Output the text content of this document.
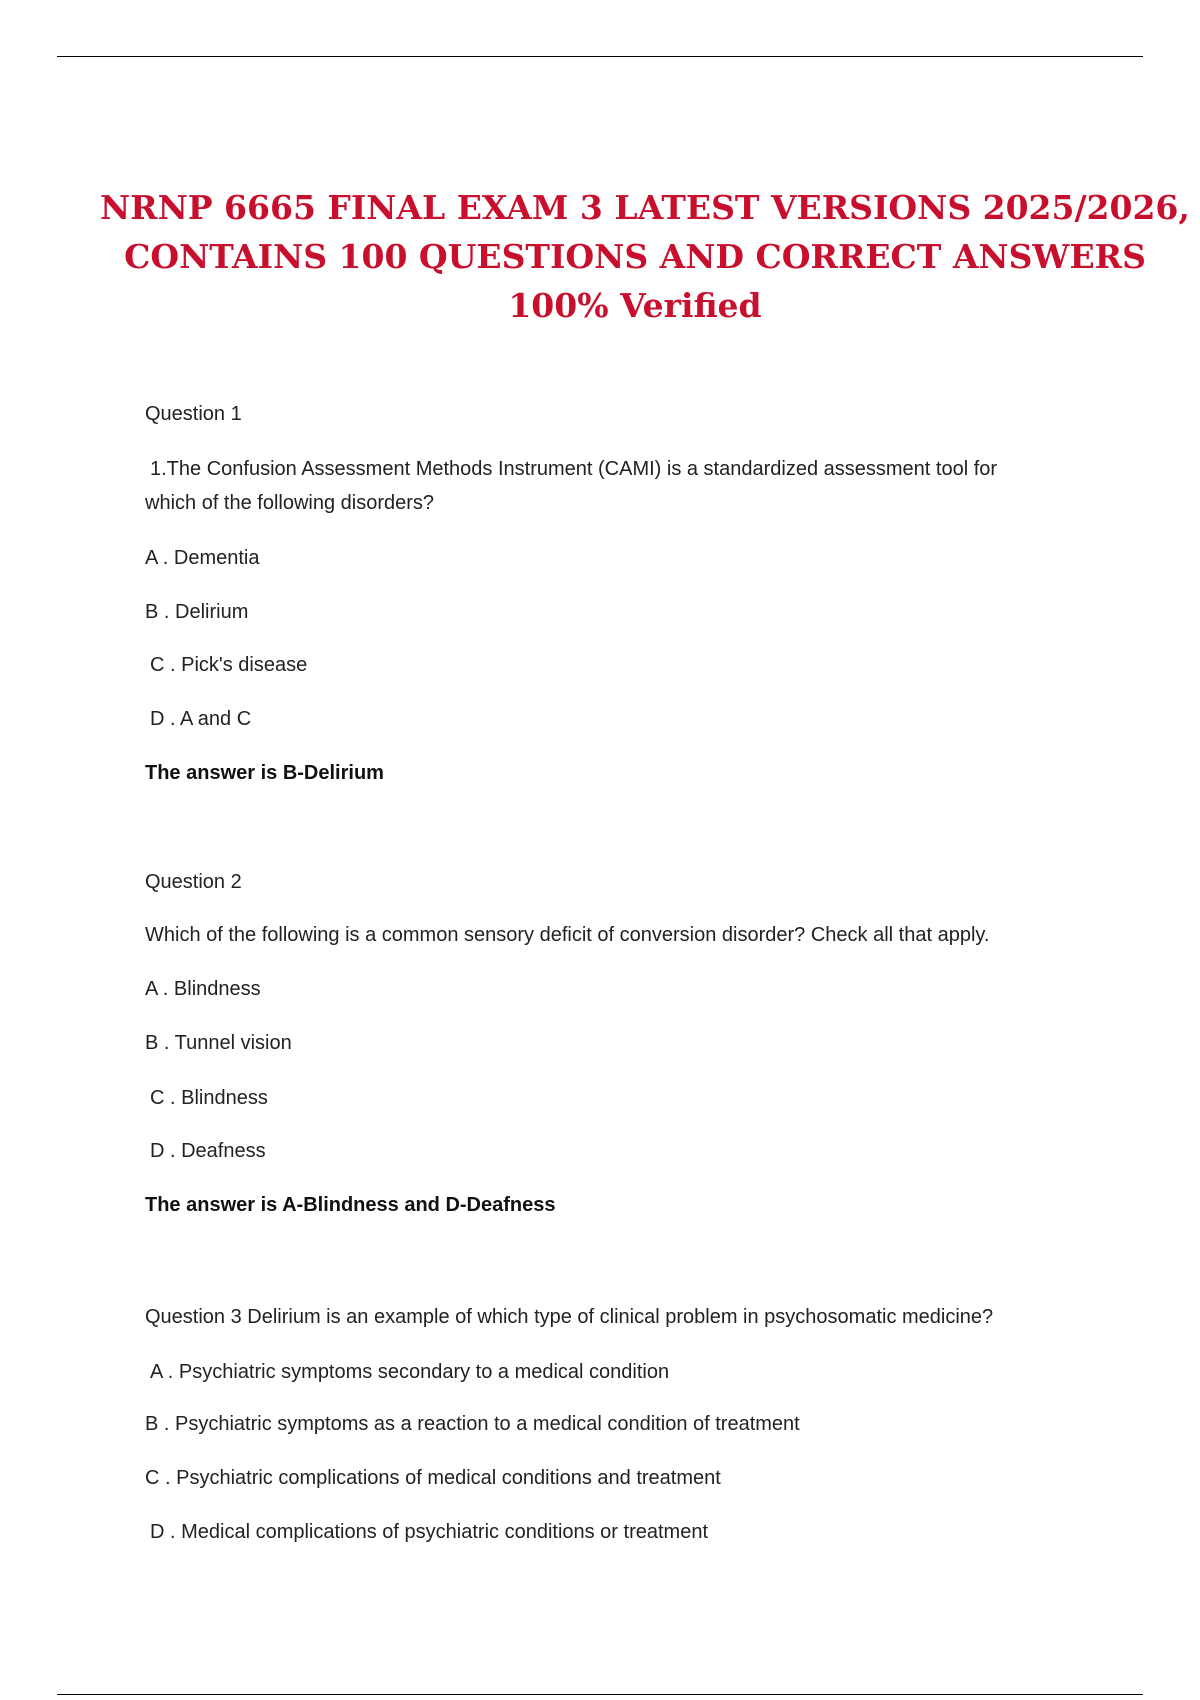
NRNP 6665 FINAL EXAM 3 LATEST VERSIONS 2025/2026,
CONTAINS 100 QUESTIONS AND CORRECT ANSWERS
100% Verified
Question 1
1.The Confusion Assessment Methods Instrument (CAMI) is a standardized assessment tool for
which of the following disorders?
A . Dementia
B . Delirium
C . Pick's disease
D . A and C
The answer is B-Delirium
Question 2
Which of the following is a common sensory deficit of conversion disorder? Check all that apply.
A . Blindness
B . Tunnel vision
C . Blindness
D . Deafness
The answer is A-Blindness and D-Deafness
Question 3 Delirium is an example of which type of clinical problem in psychosomatic medicine?
A . Psychiatric symptoms secondary to a medical condition
B . Psychiatric symptoms as a reaction to a medical condition of treatment
C . Psychiatric complications of medical conditions and treatment
D . Medical complications of psychiatric conditions or treatment
